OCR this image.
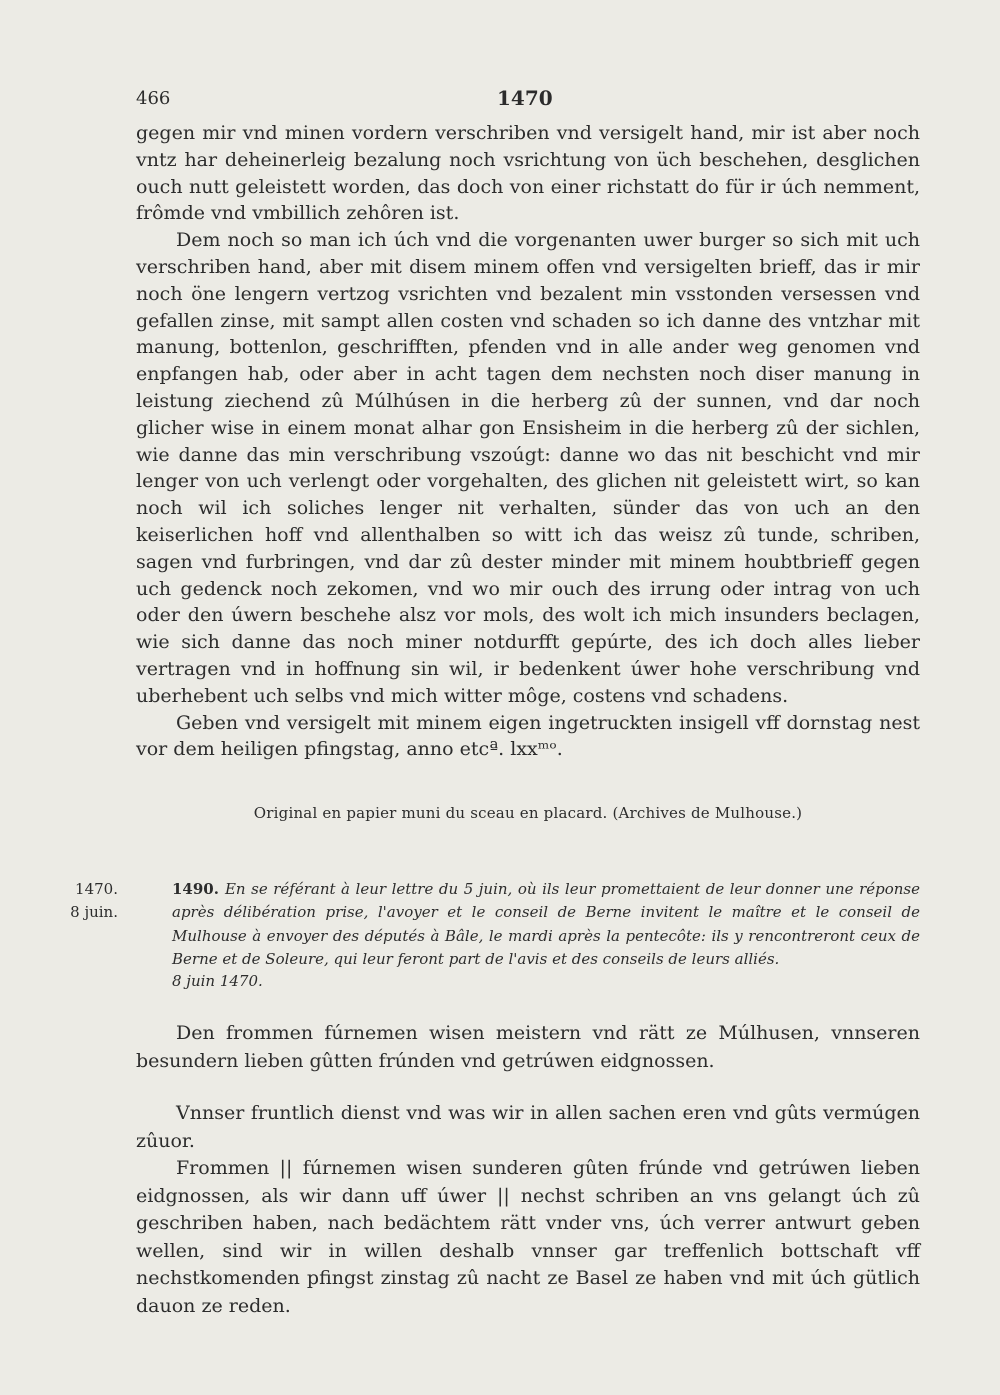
466	1470

gegen mir vnd minen vordern verschriben vnd versigelt hand, mir ist aber noch vntz har deheinerleig bezalung noch vsrichtung von üch beschehen, desglichen ouch nutt geleistett worden, das doch von einer richstatt do für ir úch nemment, frômde vnd vmbillich zehôren ist.

Dem noch so man ich úch vnd die vorgenanten uwer burger so sich mit uch verschriben hand, aber mit disem minem offen vnd versigelten brieff, das ir mir noch öne lengern vertzog vsrichten vnd bezalent min vsstonden versessen vnd gefallen zinse, mit sampt allen costen vnd schaden so ich danne des vntzhar mit manung, bottenlon, geschrifften, pfenden vnd in alle ander weg genomen vnd enpfangen hab, oder aber in acht tagen dem nechsten noch diser manung in leistung ziechend zû Múlhúsen in die herberg zû der sunnen, vnd dar noch glicher wise in einem monat alhar gon Ensisheim in die herberg zû der sichlen, wie danne das min verschribung vszoúgt: danne wo das nit beschicht vnd mir lenger von uch verlengt oder vorgehalten, des glichen nit geleistett wirt, so kan noch wil ich soliches lenger nit verhalten, sünder das von uch an den keiserlichen hoff vnd allenthalben so witt ich das weisz zû tunde, schriben, sagen vnd furbringen, vnd dar zû dester minder mit minem houbtbrieff gegen uch gedenck noch zekomen, vnd wo mir ouch des irrung oder intrag von uch oder den úwern beschehe alsz vor mols, des wolt ich mich insunders beclagen, wie sich danne das noch miner notdurfft gepúrte, des ich doch alles lieber vertragen vnd in hoffnung sin wil, ir bedenkent úwer hohe verschribung vnd uberhebent uch selbs vnd mich witter môge, costens vnd schadens.

Geben vnd versigelt mit minem eigen ingetruckten insigell vff dornstag nest vor dem heiligen pfingstag, anno etcª. lxxᵐᵒ.

Original en papier muni du sceau en placard. (Archives de Mulhouse.)
1470.
8 juin.
1490. En se référant à leur lettre du 5 juin, où ils leur promettaient de leur donner une réponse après délibération prise, l'avoyer et le conseil de Berne invitent le maître et le conseil de Mulhouse à envoyer des députés à Bâle, le mardi après la pentecôte: ils y rencontreront ceux de Berne et de Soleure, qui leur feront part de l'avis et des conseils de leurs alliés.
8 juin 1470.
Den frommen fúrnemen wisen meistern vnd rätt ze Múlhusen, vnnseren besundern lieben gûtten frúnden vnd getrúwen eidgnossen.
Vnnser fruntlich dienst vnd was wir in allen sachen eren vnd gûts vermúgen zûuor.

Frommen || fúrnemen wisen sunderen gûten frúnde vnd getrúwen lieben eidgnossen, als wir dann uff úwer || nechst schriben an vns gelangt úch zû geschriben haben, nach bedächtem rätt vnder vns, úch verrer antwurt geben wellen, sind wir in willen deshalb vnnser gar treffenlich bottschaft vff nechstkomenden pfingst zinstag zû nacht ze Basel ze haben vnd mit úch gütlich dauon ze reden.
